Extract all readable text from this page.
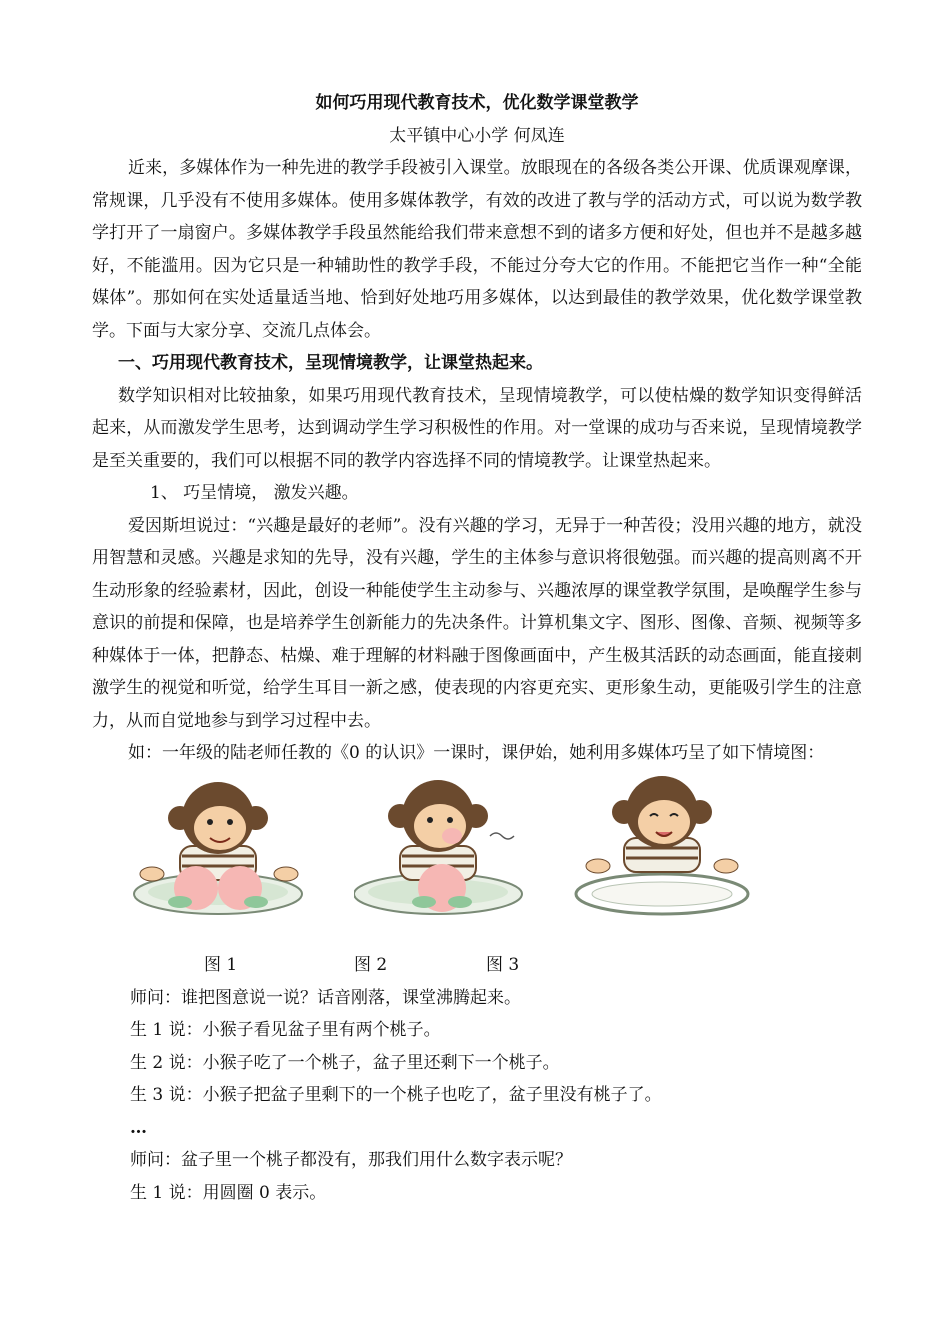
如何巧用现代教育技术，优化数学课堂教学
太平镇中心小学 何凤连

近来，多媒体作为一种先进的教学手段被引入课堂。放眼现在的各级各类公开课、优质课观摩课，常规课，几乎没有不使用多媒体。使用多媒体教学，有效的改进了教与学的活动方式，可以说为数学教学打开了一扇窗户。多媒体教学手段虽然能给我们带来意想不到的诸多方便和好处，但也并不是越多越好，不能滥用。因为它只是一种辅助性的教学手段，不能过分夸大它的作用。不能把它当作一种“全能媒体”。那如何在实处适量适当地、恰到好处地巧用多媒体，以达到最佳的教学效果，优化数学课堂教学。下面与大家分享、交流几点体会。

一、巧用现代教育技术，呈现情境教学，让课堂热起来。

数学知识相对比较抽象，如果巧用现代教育技术，呈现情境教学，可以使枯燥的数学知识变得鲜活起来，从而激发学生思考，达到调动学生学习积极性的作用。对一堂课的成功与否来说，呈现情境教学是至关重要的，我们可以根据不同的教学内容选择不同的情境教学。让课堂热起来。

1、 巧呈情境， 激发兴趣。

爱因斯坦说过：“兴趣是最好的老师”。没有兴趣的学习，无异于一种苦役；没用兴趣的地方，就没用智慧和灵感。兴趣是求知的先导，没有兴趣，学生的主体参与意识将很勉强。而兴趣的提高则离不开生动形象的经验素材，因此，创设一种能使学生主动参与、兴趣浓厚的课堂教学氛围，是唤醒学生参与意识的前提和保障，也是培养学生创新能力的先决条件。计算机集文字、图形、图像、音频、视频等多种媒体于一体，把静态、枯燥、难于理解的材料融于图像画面中，产生极其活跃的动态画面，能直接刺激学生的视觉和听觉，给学生耳目一新之感，使表现的内容更充实、更形象生动，更能吸引学生的注意力，从而自觉地参与到学习过程中去。

如：一年级的陆老师任教的《0 的认识》一课时，课伊始，她利用多媒体巧呈了如下情境图：

图 1	图 2	图 3

师问：谁把图意说一说？话音刚落，课堂沸腾起来。

生 1 说：小猴子看见盆子里有两个桃子。

生 2 说：小猴子吃了一个桃子，盆子里还剩下一个桃子。

生 3 说：小猴子把盆子里剩下的一个桃子也吃了，盆子里没有桃子了。

…

师问：盆子里一个桃子都没有，那我们用什么数字表示呢？

生 1 说：用圆圈 0 表示。
